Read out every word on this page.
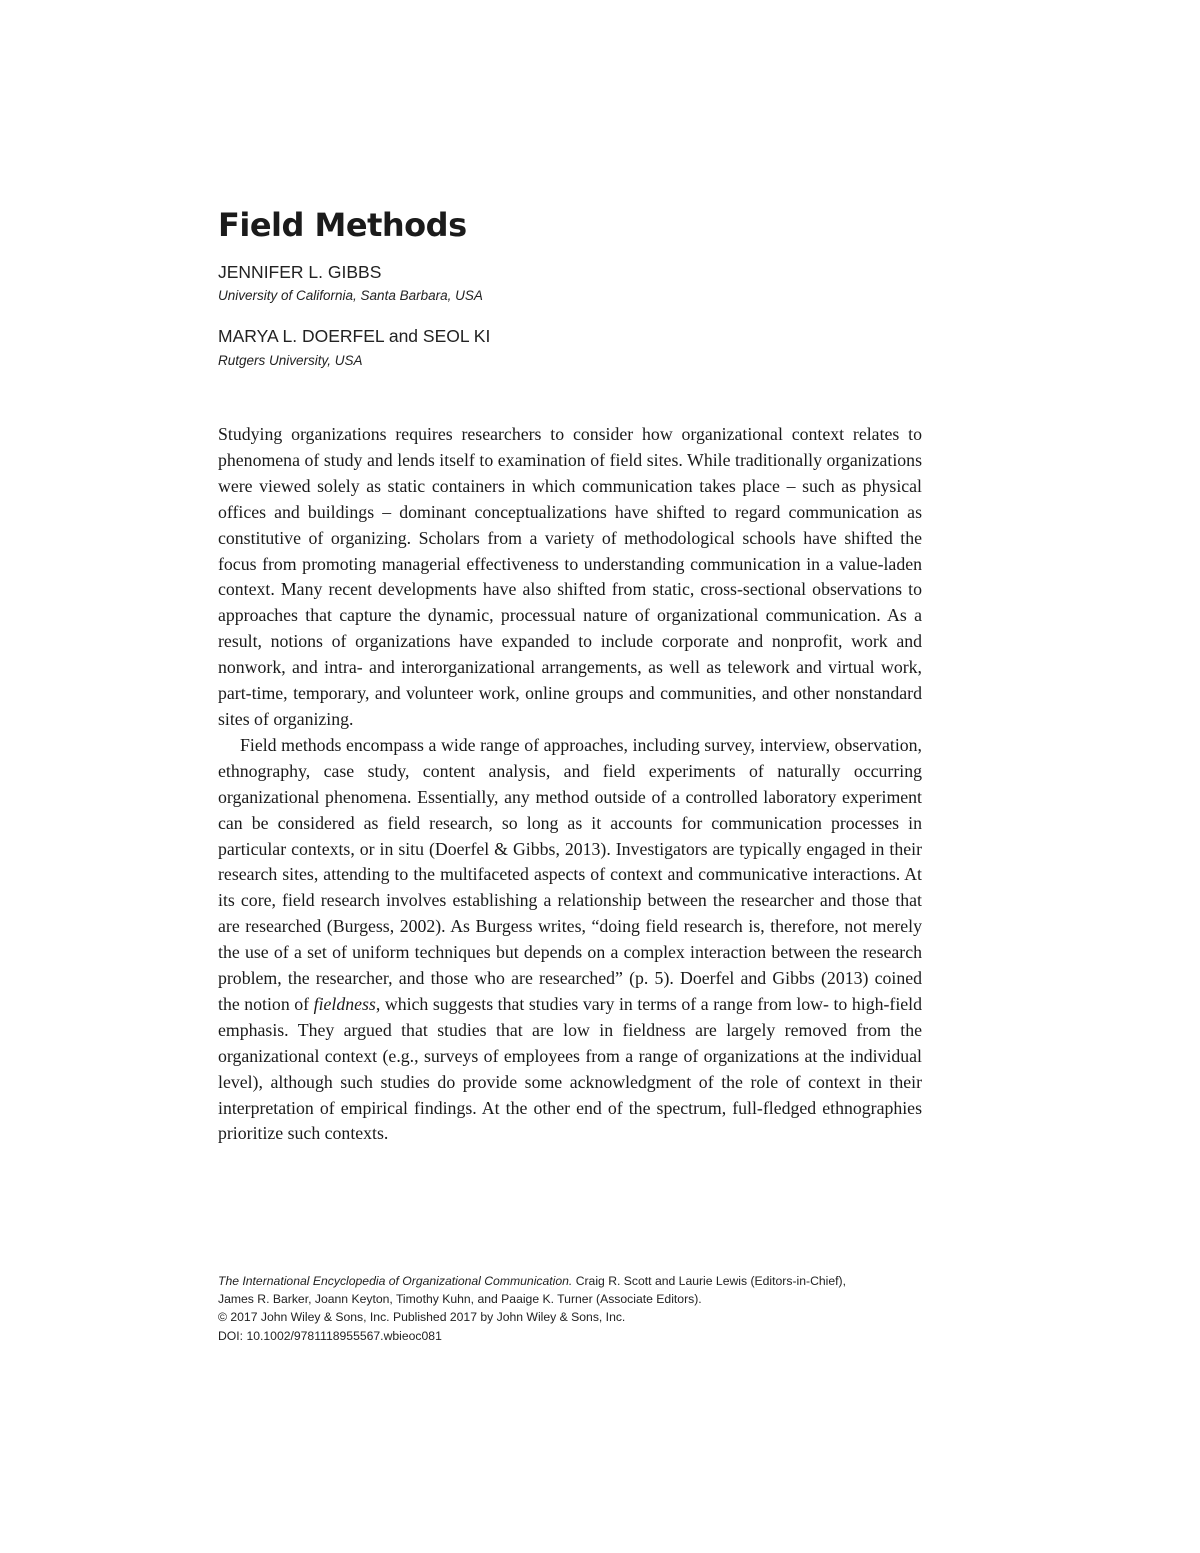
Field Methods
JENNIFER L. GIBBS
University of California, Santa Barbara, USA
MARYA L. DOERFEL and SEOL KI
Rutgers University, USA

Studying organizations requires researchers to consider how organizational context relates to phenomena of study and lends itself to examination of field sites. While traditionally organizations were viewed solely as static containers in which communication takes place – such as physical offices and buildings – dominant conceptualizations have shifted to regard communication as constitutive of organizing. Scholars from a variety of methodological schools have shifted the focus from promoting managerial effectiveness to understanding communication in a value-laden context. Many recent developments have also shifted from static, cross-sectional observations to approaches that capture the dynamic, processual nature of organizational communication. As a result, notions of organizations have expanded to include corporate and nonprofit, work and nonwork, and intra- and interorganizational arrangements, as well as telework and virtual work, part-time, temporary, and volunteer work, online groups and communities, and other nonstandard sites of organizing.

Field methods encompass a wide range of approaches, including survey, interview, observation, ethnography, case study, content analysis, and field experiments of naturally occurring organizational phenomena. Essentially, any method outside of a controlled laboratory experiment can be considered as field research, so long as it accounts for communication processes in particular contexts, or in situ (Doerfel & Gibbs, 2013). Investigators are typically engaged in their research sites, attending to the multifaceted aspects of context and communicative interactions. At its core, field research involves establishing a relationship between the researcher and those that are researched (Burgess, 2002). As Burgess writes, “doing field research is, therefore, not merely the use of a set of uniform techniques but depends on a complex interaction between the research problem, the researcher, and those who are researched” (p. 5). Doerfel and Gibbs (2013) coined the notion of fieldness, which suggests that studies vary in terms of a range from low- to high-field emphasis. They argued that studies that are low in fieldness are largely removed from the organizational context (e.g., surveys of employees from a range of organizations at the individual level), although such studies do provide some acknowledgment of the role of context in their interpretation of empirical findings. At the other end of the spectrum, full-fledged ethnographies prioritize such contexts.

The International Encyclopedia of Organizational Communication. Craig R. Scott and Laurie Lewis (Editors-in-Chief),
James R. Barker, Joann Keyton, Timothy Kuhn, and Paaige K. Turner (Associate Editors).
© 2017 John Wiley & Sons, Inc. Published 2017 by John Wiley & Sons, Inc.
DOI: 10.1002/9781118955567.wbieoc081
